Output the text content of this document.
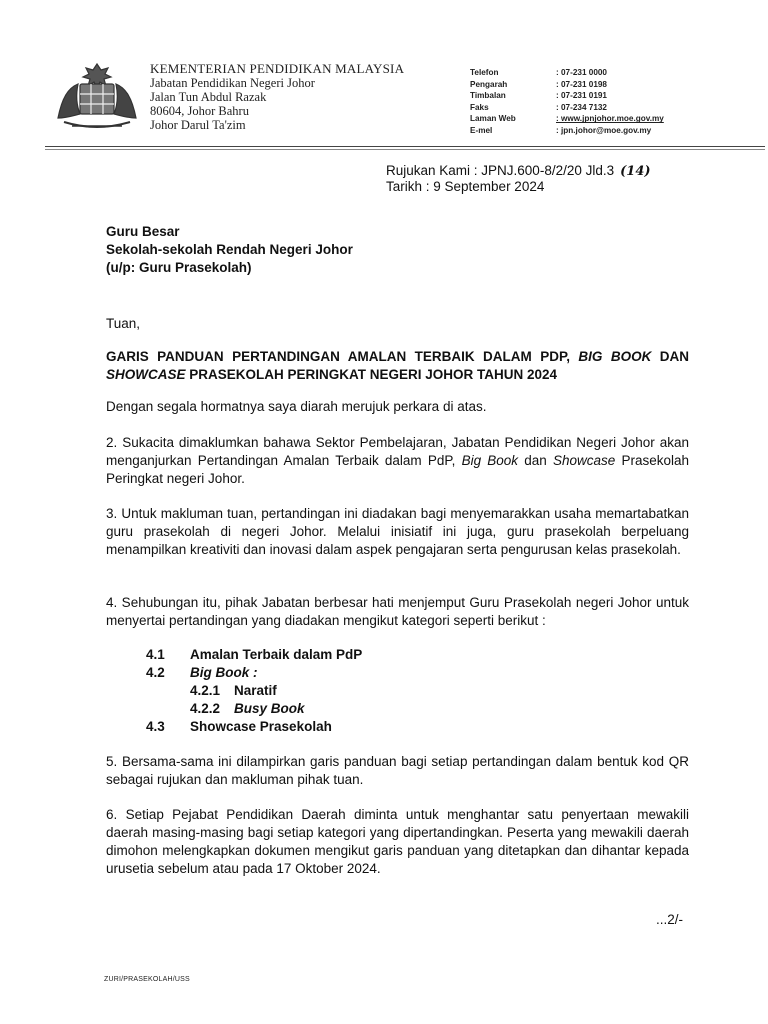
KEMENTERIAN PENDIDIKAN MALAYSIA
Jabatan Pendidikan Negeri Johor
Jalan Tun Abdul Razak
80604, Johor Bahru
Johor Darul Ta'zim
Telefon	: 07-231 0000
Pengarah	: 07-231 0198
Timbalan	: 07-231 0191
Faks	: 07-234 7132
Laman Web	: www.jpnjohor.moe.gov.my
E-mel	: jpn.johor@moe.gov.my
Rujukan Kami : JPNJ.600-8/2/20 Jld.3 (14)
Tarikh : 9 September 2024
Guru Besar
Sekolah-sekolah Rendah Negeri Johor
(u/p: Guru Prasekolah)
Tuan,
GARIS PANDUAN PERTANDINGAN AMALAN TERBAIK DALAM PDP, BIG BOOK DAN SHOWCASE PRASEKOLAH PERINGKAT NEGERI JOHOR TAHUN 2024
Dengan segala hormatnya saya diarah merujuk perkara di atas.
2. Sukacita dimaklumkan bahawa Sektor Pembelajaran, Jabatan Pendidikan Negeri Johor akan menganjurkan Pertandingan Amalan Terbaik dalam PdP, Big Book dan Showcase Prasekolah Peringkat negeri Johor.
3. Untuk makluman tuan, pertandingan ini diadakan bagi menyemarakkan usaha memartabatkan guru prasekolah di negeri Johor. Melalui inisiatif ini juga, guru prasekolah berpeluang menampilkan kreativiti dan inovasi dalam aspek pengajaran serta pengurusan kelas prasekolah.
4. Sehubungan itu, pihak Jabatan berbesar hati menjemput Guru Prasekolah negeri Johor untuk menyertai pertandingan yang diadakan mengikut kategori seperti berikut :
4.1 Amalan Terbaik dalam PdP
4.2 Big Book :
4.2.1 Naratif
4.2.2 Busy Book
4.3 Showcase Prasekolah
5. Bersama-sama ini dilampirkan garis panduan bagi setiap pertandingan dalam bentuk kod QR sebagai rujukan dan makluman pihak tuan.
6. Setiap Pejabat Pendidikan Daerah diminta untuk menghantar satu penyertaan mewakili daerah masing-masing bagi setiap kategori yang dipertandingkan. Peserta yang mewakili daerah dimohon melengkapkan dokumen mengikut garis panduan yang ditetapkan dan dihantar kepada urusetia sebelum atau pada 17 Oktober 2024.
...2/-
ZURI/PRASEKOLAH/USS
